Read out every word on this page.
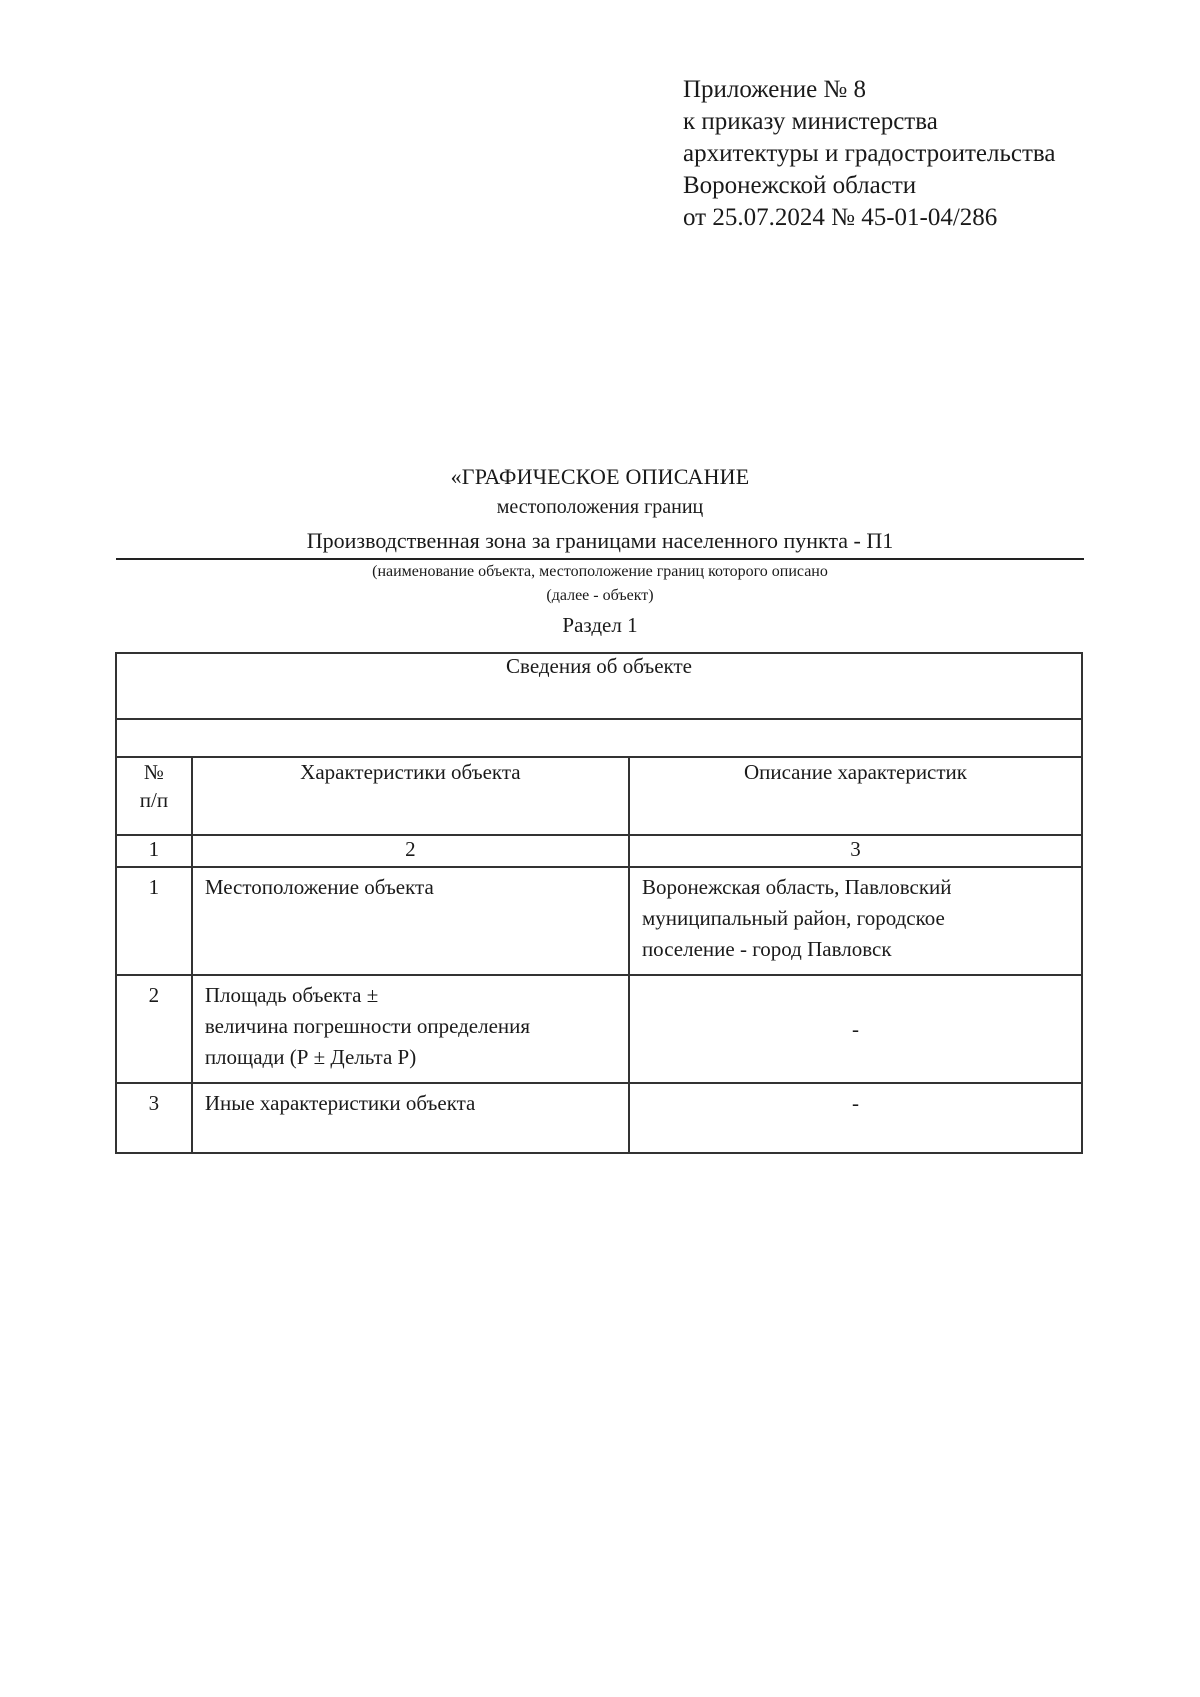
Приложение № 8
к приказу министерства
архитектуры и градостроительства
Воронежской области
от 25.07.2024 № 45-01-04/286
«ГРАФИЧЕСКОЕ ОПИСАНИЕ
местоположения границ
Производственная зона за границами населенного пункта - П1
(наименование объекта, местоположение границ которого описано
(далее - объект)
Раздел 1
Сведения об объекте		

№
п/п	Характеристики объекта	Описание характеристик
1	2	3
1	Местоположение объекта	Воронежская область, Павловский
муниципальный район, городское
поселение - город Павловск

2	Площадь объекта ±
величина погрешности определения
площади (Р ± Дельта Р)	-
3	Иные характеристики объекта	-
